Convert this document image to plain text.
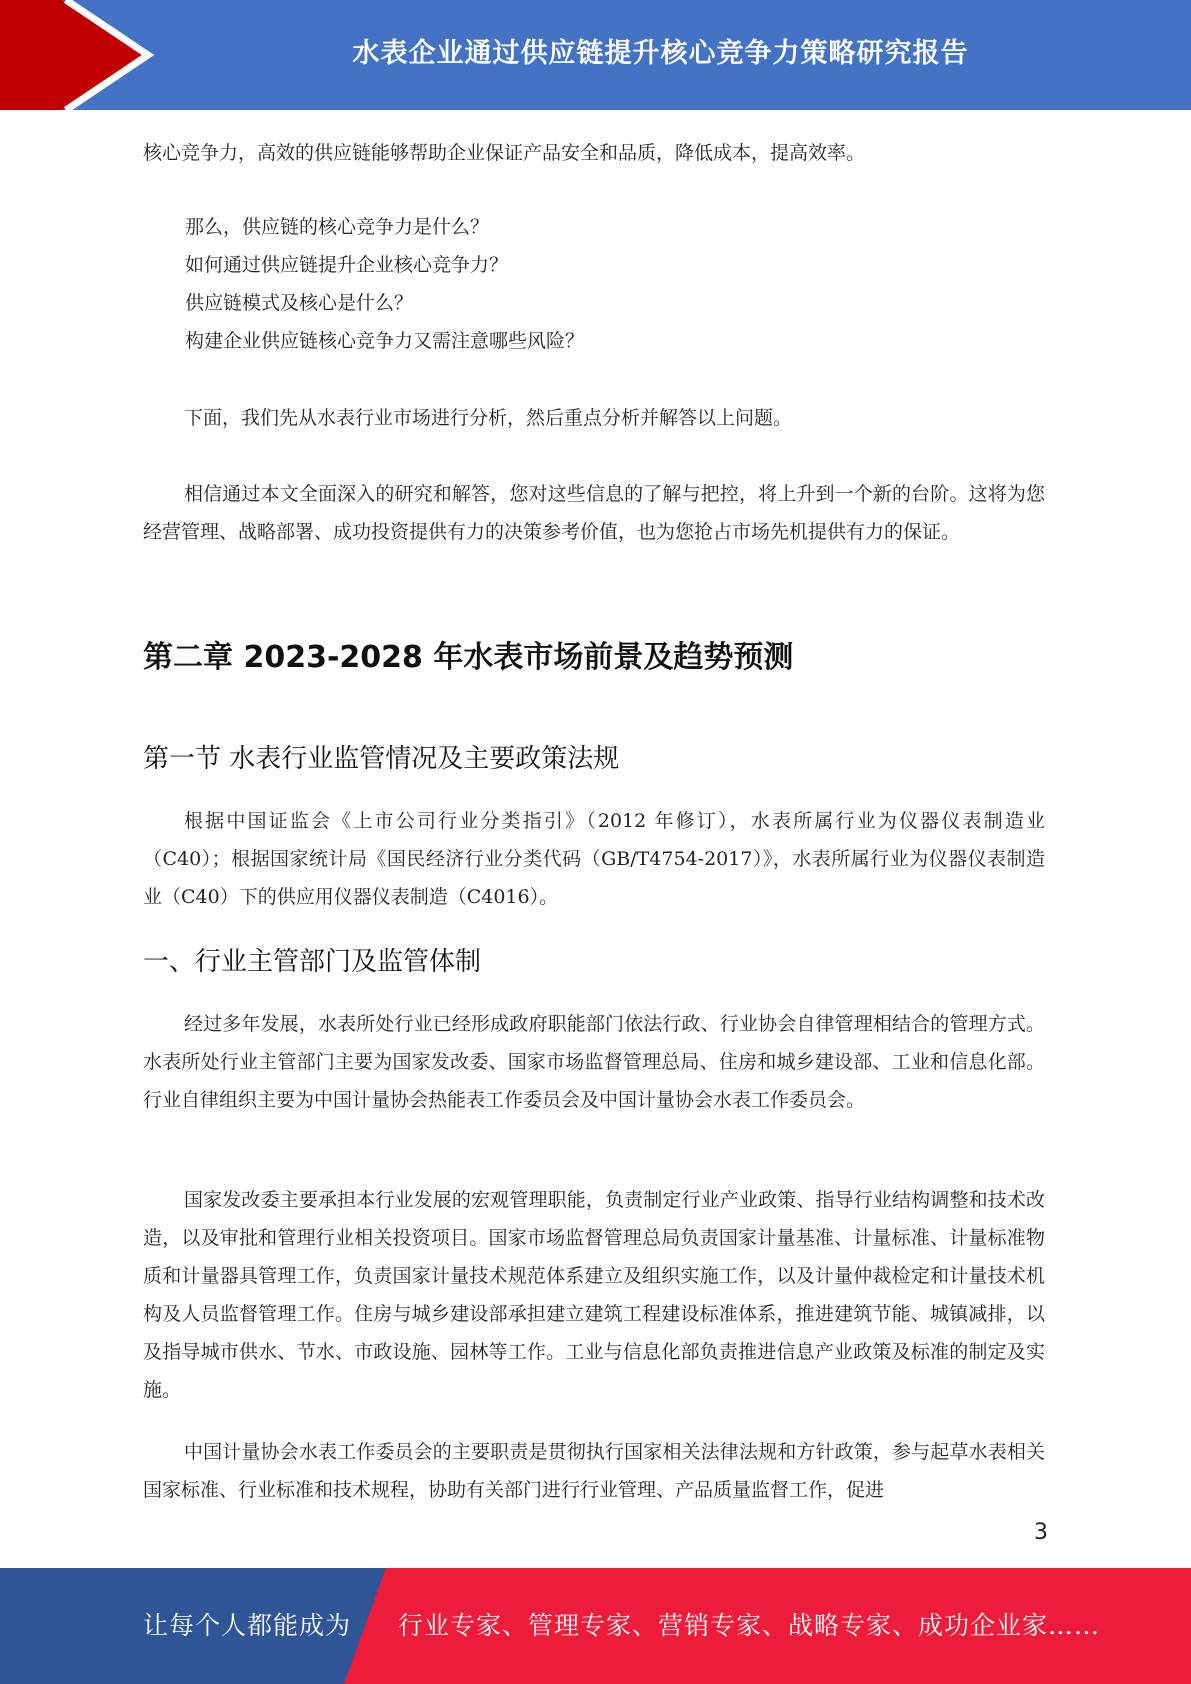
水表企业通过供应链提升核心竞争力策略研究报告

核心竞争力，高效的供应链能够帮助企业保证产品安全和品质，降低成本，提高效率。

那么，供应链的核心竞争力是什么？

如何通过供应链提升企业核心竞争力？

供应链模式及核心是什么？

构建企业供应链核心竞争力又需注意哪些风险？

下面，我们先从水表行业市场进行分析，然后重点分析并解答以上问题。

相信通过本文全面深入的研究和解答，您对这些信息的了解与把控，将上升到一个新的台阶。这将为您经营管理、战略部署、成功投资提供有力的决策参考价值，也为您抢占市场先机提供有力的保证。

第二章 2023-2028 年水表市场前景及趋势预测
第一节 水表行业监管情况及主要政策法规

根据中国证监会《上市公司行业分类指引》（2012 年修订），水表所属行业为仪器仪表制造业（C40）；根据国家统计局《国民经济行业分类代码（GB/T4754-2017）》，水表所属行业为仪器仪表制造业（C40）下的供应用仪器仪表制造（C4016）。

一、行业主管部门及监管体制

经过多年发展，水表所处行业已经形成政府职能部门依法行政、行业协会自律管理相结合的管理方式。水表所处行业主管部门主要为国家发改委、国家市场监督管理总局、住房和城乡建设部、工业和信息化部。行业自律组织主要为中国计量协会热能表工作委员会及中国计量协会水表工作委员会。

国家发改委主要承担本行业发展的宏观管理职能，负责制定行业产业政策、指导行业结构调整和技术改造，以及审批和管理行业相关投资项目。国家市场监督管理总局负责国家计量基准、计量标准、计量标准物质和计量器具管理工作，负责国家计量技术规范体系建立及组织实施工作，以及计量仲裁检定和计量技术机构及人员监督管理工作。住房与城乡建设部承担建立建筑工程建设标准体系，推进建筑节能、城镇减排，以及指导城市供水、节水、市政设施、园林等工作。工业与信息化部负责推进信息产业政策及标准的制定及实施。

中国计量协会水表工作委员会的主要职责是贯彻执行国家相关法律法规和方针政策，参与起草水表相关国家标准、行业标准和技术规程，协助有关部门进行行业管理、产品质量监督工作，促进

3
让每个人都能成为 行业专家、管理专家、营销专家、战略专家、成功企业家……
